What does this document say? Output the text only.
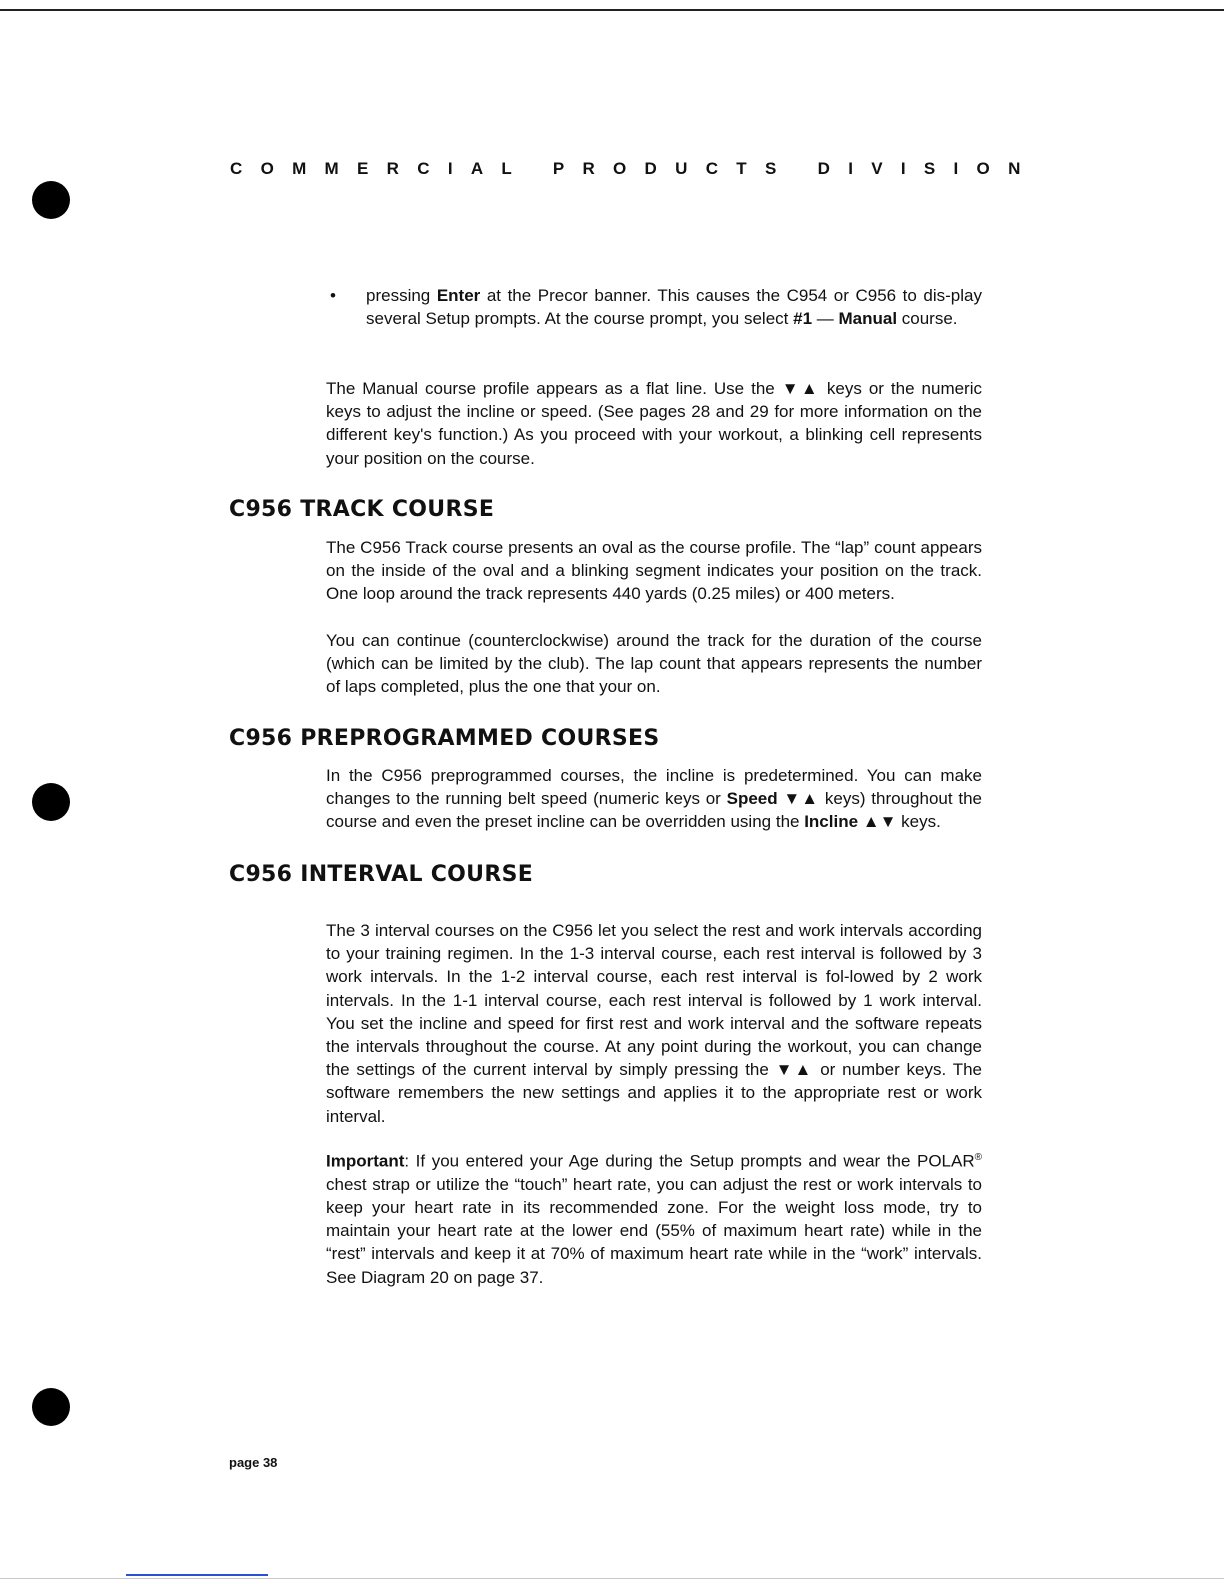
COMMERCIAL PRODUCTS DIVISION
• pressing Enter at the Precor banner. This causes the C954 or C956 to dis-play several Setup prompts. At the course prompt, you select #1 — Manual course.

The Manual course profile appears as a flat line. Use the ▼▲ keys or the numeric keys to adjust the incline or speed. (See pages 28 and 29 for more information on the different key's function.) As you proceed with your workout, a blinking cell represents your position on the course.

C956 TRACK COURSE

The C956 Track course presents an oval as the course profile. The “lap” count appears on the inside of the oval and a blinking segment indicates your position on the track. One loop around the track represents 440 yards (0.25 miles) or 400 meters.

You can continue (counterclockwise) around the track for the duration of the course (which can be limited by the club). The lap count that appears represents the number of laps completed, plus the one that your on.

C956 PREPROGRAMMED COURSES

In the C956 preprogrammed courses, the incline is predetermined. You can make changes to the running belt speed (numeric keys or Speed ▼▲ keys) throughout the course and even the preset incline can be overridden using the Incline ▲▼ keys.

C956 INTERVAL COURSE

The 3 interval courses on the C956 let you select the rest and work intervals according to your training regimen. In the 1-3 interval course, each rest interval is followed by 3 work intervals. In the 1-2 interval course, each rest interval is fol-lowed by 2 work intervals. In the 1-1 interval course, each rest interval is followed by 1 work interval. You set the incline and speed for first rest and work interval and the software repeats the intervals throughout the course. At any point during the workout, you can change the settings of the current interval by simply pressing the ▼▲ or number keys. The software remembers the new settings and applies it to the appropriate rest or work interval.

Important: If you entered your Age during the Setup prompts and wear the POLAR® chest strap or utilize the “touch” heart rate, you can adjust the rest or work intervals to keep your heart rate in its recommended zone. For the weight loss mode, try to maintain your heart rate at the lower end (55% of maximum heart rate) while in the “rest” intervals and keep it at 70% of maximum heart rate while in the “work” intervals. See Diagram 20 on page 37.

page 38
